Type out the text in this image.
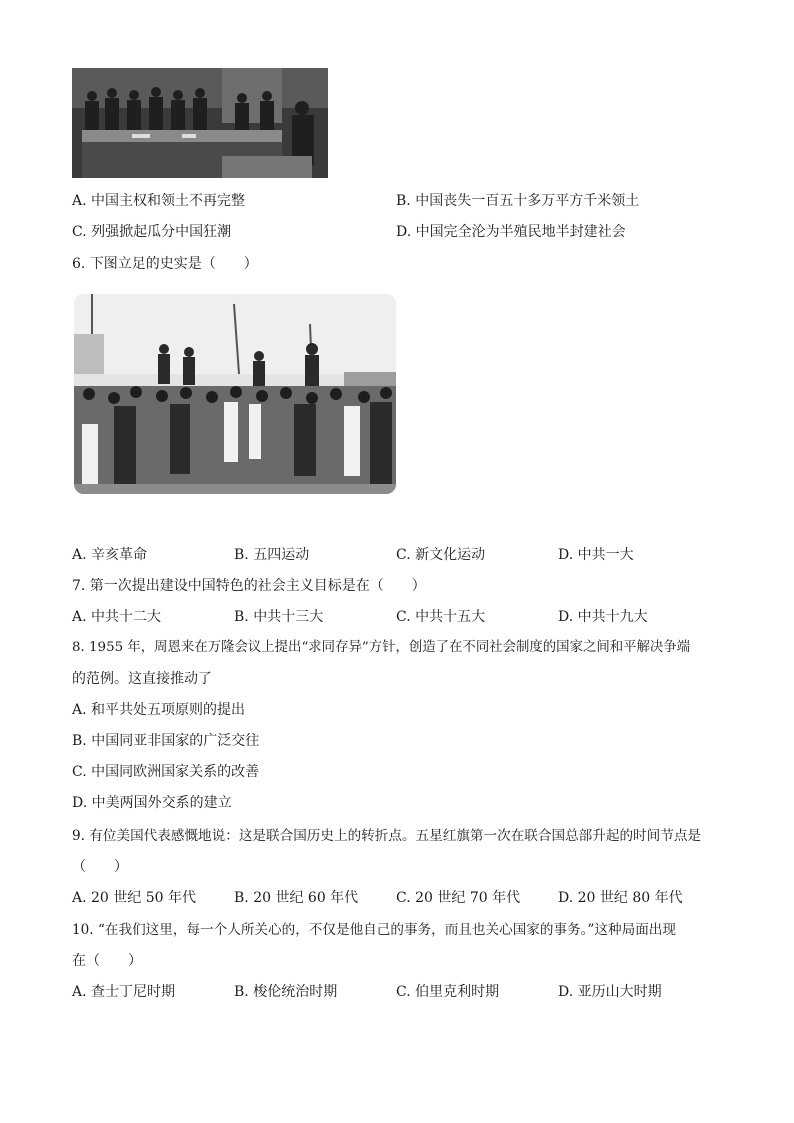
A. 中国主权和领土不再完整	B. 中国丧失一百五十多万平方千米领土
C. 列强掀起瓜分中国狂潮	D. 中国完全沦为半殖民地半封建社会
6. 下图立足的史实是（　　）
A. 辛亥革命	B. 五四运动	C. 新文化运动	D. 中共一大
7. 第一次提出建设中国特色的社会主义目标是在（　　）
A. 中共十二大	B. 中共十三大	C. 中共十五大	D. 中共十九大
8. 1955 年，周恩来在万隆会议上提出“求同存异”方针，创造了在不同社会制度的国家之间和平解决争端
的范例。这直接推动了
A. 和平共处五项原则的提出
B. 中国同亚非国家的广泛交往
C. 中国同欧洲国家关系的改善
D. 中美两国外交系的建立
9. 有位美国代表感慨地说：这是联合国历史上的转折点。五星红旗第一次在联合国总部升起的时间节点是
（　　）
A. 20 世纪 50 年代	B. 20 世纪 60 年代	C. 20 世纪 70 年代	D. 20 世纪 80 年代
10. “在我们这里，每一个人所关心的，不仅是他自己的事务，而且也关心国家的事务。”这种局面出现
在（　　）
A. 查士丁尼时期	B. 梭伦统治时期	C. 伯里克利时期	D. 亚历山大时期
